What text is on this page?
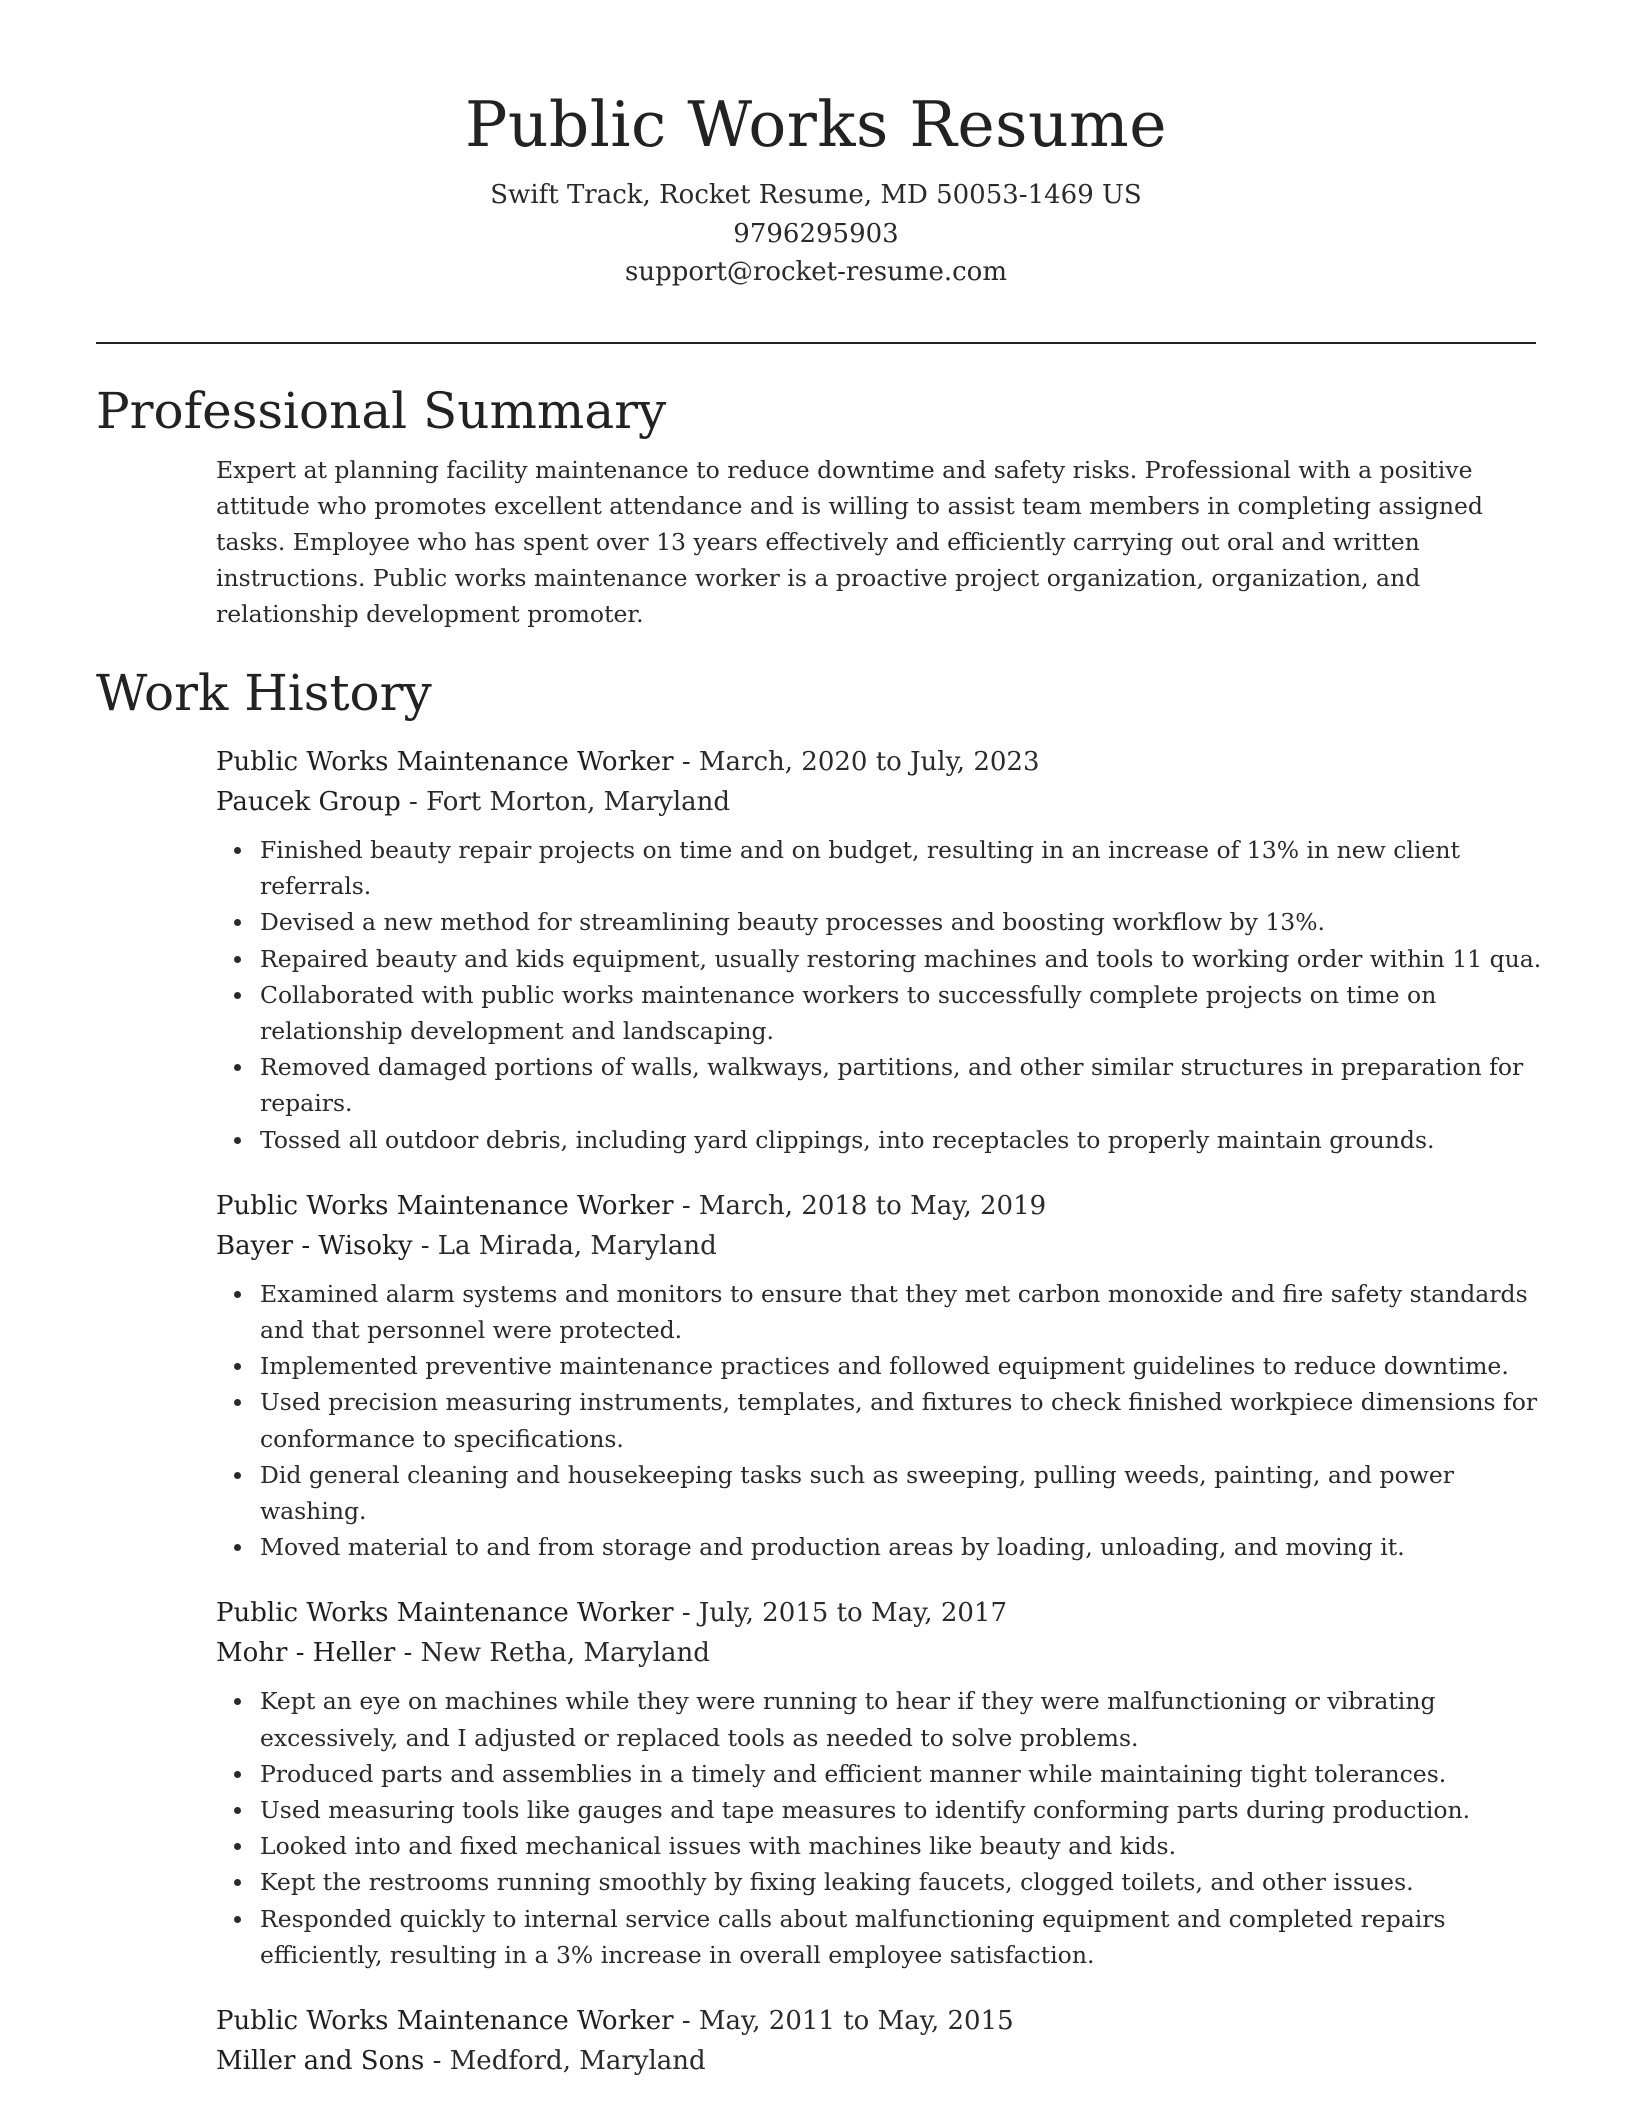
Public Works Resume
Swift Track, Rocket Resume, MD 50053-1469 US
9796295903
support@rocket-resume.com
Professional Summary
Expert at planning facility maintenance to reduce downtime and safety risks. Professional with a positive attitude who promotes excellent attendance and is willing to assist team members in completing assigned tasks. Employee who has spent over 13 years effectively and efficiently carrying out oral and written instructions. Public works maintenance worker is a proactive project organization, organization, and relationship development promoter.
Work History
Public Works Maintenance Worker - March, 2020 to July, 2023
Paucek Group - Fort Morton, Maryland
Finished beauty repair projects on time and on budget, resulting in an increase of 13% in new client referrals.
Devised a new method for streamlining beauty processes and boosting workflow by 13%.
Repaired beauty and kids equipment, usually restoring machines and tools to working order within 11 qua.
Collaborated with public works maintenance workers to successfully complete projects on time on relationship development and landscaping.
Removed damaged portions of walls, walkways, partitions, and other similar structures in preparation for repairs.
Tossed all outdoor debris, including yard clippings, into receptacles to properly maintain grounds.
Public Works Maintenance Worker - March, 2018 to May, 2019
Bayer - Wisoky - La Mirada, Maryland
Examined alarm systems and monitors to ensure that they met carbon monoxide and fire safety standards and that personnel were protected.
Implemented preventive maintenance practices and followed equipment guidelines to reduce downtime.
Used precision measuring instruments, templates, and fixtures to check finished workpiece dimensions for conformance to specifications.
Did general cleaning and housekeeping tasks such as sweeping, pulling weeds, painting, and power washing.
Moved material to and from storage and production areas by loading, unloading, and moving it.
Public Works Maintenance Worker - July, 2015 to May, 2017
Mohr - Heller - New Retha, Maryland
Kept an eye on machines while they were running to hear if they were malfunctioning or vibrating excessively, and I adjusted or replaced tools as needed to solve problems.
Produced parts and assemblies in a timely and efficient manner while maintaining tight tolerances.
Used measuring tools like gauges and tape measures to identify conforming parts during production.
Looked into and fixed mechanical issues with machines like beauty and kids.
Kept the restrooms running smoothly by fixing leaking faucets, clogged toilets, and other issues.
Responded quickly to internal service calls about malfunctioning equipment and completed repairs efficiently, resulting in a 3% increase in overall employee satisfaction.
Public Works Maintenance Worker - May, 2011 to May, 2015
Miller and Sons - Medford, Maryland
